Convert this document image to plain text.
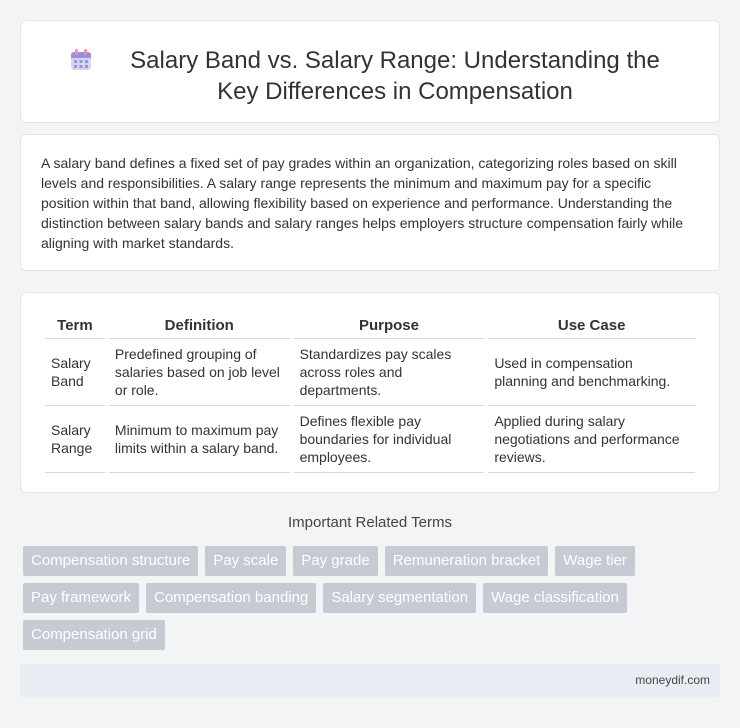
Salary Band vs. Salary Range: Understanding the Key Differences in Compensation

A salary band defines a fixed set of pay grades within an organization, categorizing roles based on skill levels and responsibilities. A salary range represents the minimum and maximum pay for a specific position within that band, allowing flexibility based on experience and performance. Understanding the distinction between salary bands and salary ranges helps employers structure compensation fairly while aligning with market standards.

Term	Definition	Purpose	Use Case
Salary Band	Predefined grouping of salaries based on job level or role.	Standardizes pay scales across roles and departments.	Used in compensation planning and benchmarking.
Salary Range	Minimum to maximum pay limits within a salary band.	Defines flexible pay boundaries for individual employees.	Applied during salary negotiations and performance reviews.
Important Related Terms
Compensation structure	Pay scale	Pay grade	Remuneration bracket	Wage tier
Pay framework	Compensation banding	Salary segmentation	Wage classification
Compensation grid
moneydif.com
